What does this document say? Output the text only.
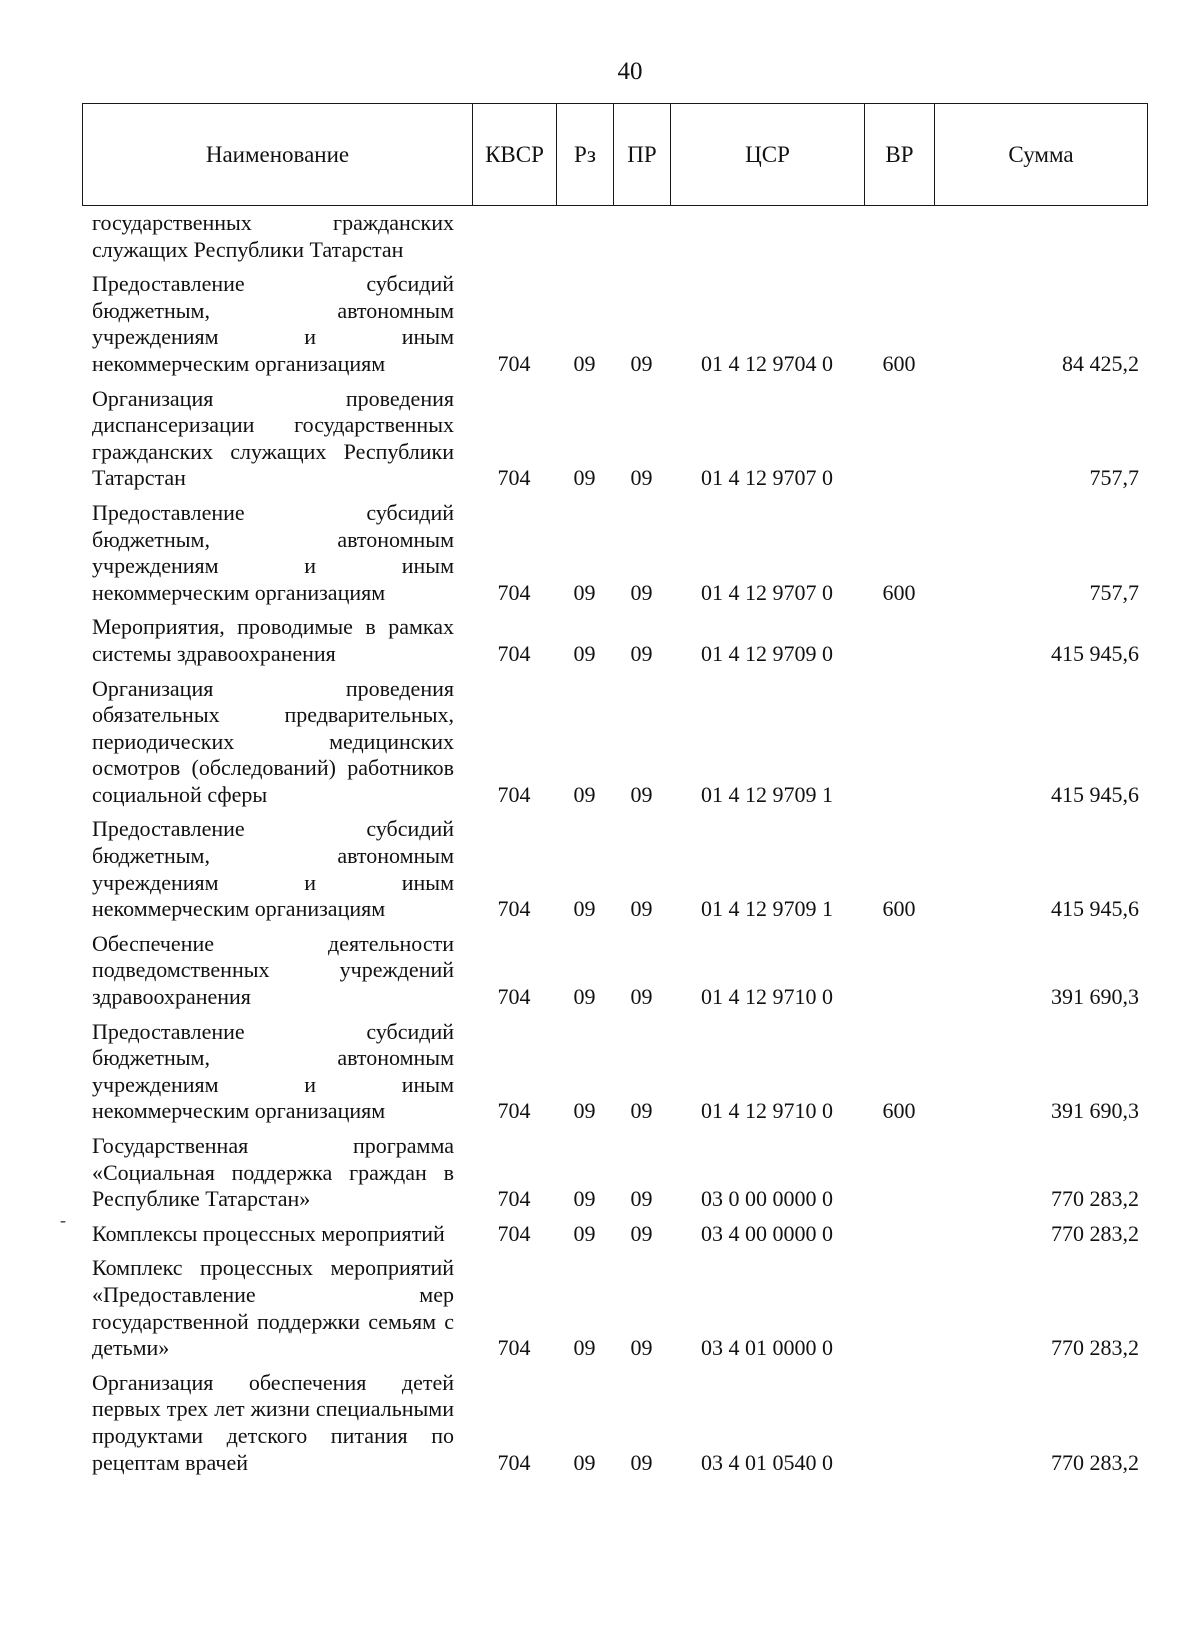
40
Наименование	КВСР	Рз	ПР	ЦСР	ВР	Сумма
государственных гражданских служащих Республики Татарстан						
Предоставление субсидий бюджетным, автономным учреждениям и иным некоммерческим организациям	704	09	09	01 4 12 9704 0	600	84 425,2
Организация проведения диспансеризации государственных гражданских служащих Республики Татарстан	704	09	09	01 4 12 9707 0		757,7
Предоставление субсидий бюджетным, автономным учреждениям и иным некоммерческим организациям	704	09	09	01 4 12 9707 0	600	757,7
Мероприятия, проводимые в рамках системы здравоохранения	704	09	09	01 4 12 9709 0		415 945,6
Организация проведения обязательных предварительных, периодических медицинских осмотров (обследований) работников социальной сферы	704	09	09	01 4 12 9709 1		415 945,6
Предоставление субсидий бюджетным, автономным учреждениям и иным некоммерческим организациям	704	09	09	01 4 12 9709 1	600	415 945,6
Обеспечение деятельности подведомственных учреждений здравоохранения	704	09	09	01 4 12 9710 0		391 690,3
Предоставление субсидий бюджетным, автономным учреждениям и иным некоммерческим организациям	704	09	09	01 4 12 9710 0	600	391 690,3
Государственная программа «Социальная поддержка граждан в Республике Татарстан»	704	09	09	03 0 00 0000 0		770 283,2
Комплексы процессных мероприятий	704	09	09	03 4 00 0000 0		770 283,2
Комплекс процессных мероприятий «Предоставление мер государственной поддержки семьям с детьми»	704	09	09	03 4 01 0000 0		770 283,2
Организация обеспечения детей первых трех лет жизни специальными продуктами детского питания по рецептам врачей	704	09	09	03 4 01 0540 0		770 283,2
-
